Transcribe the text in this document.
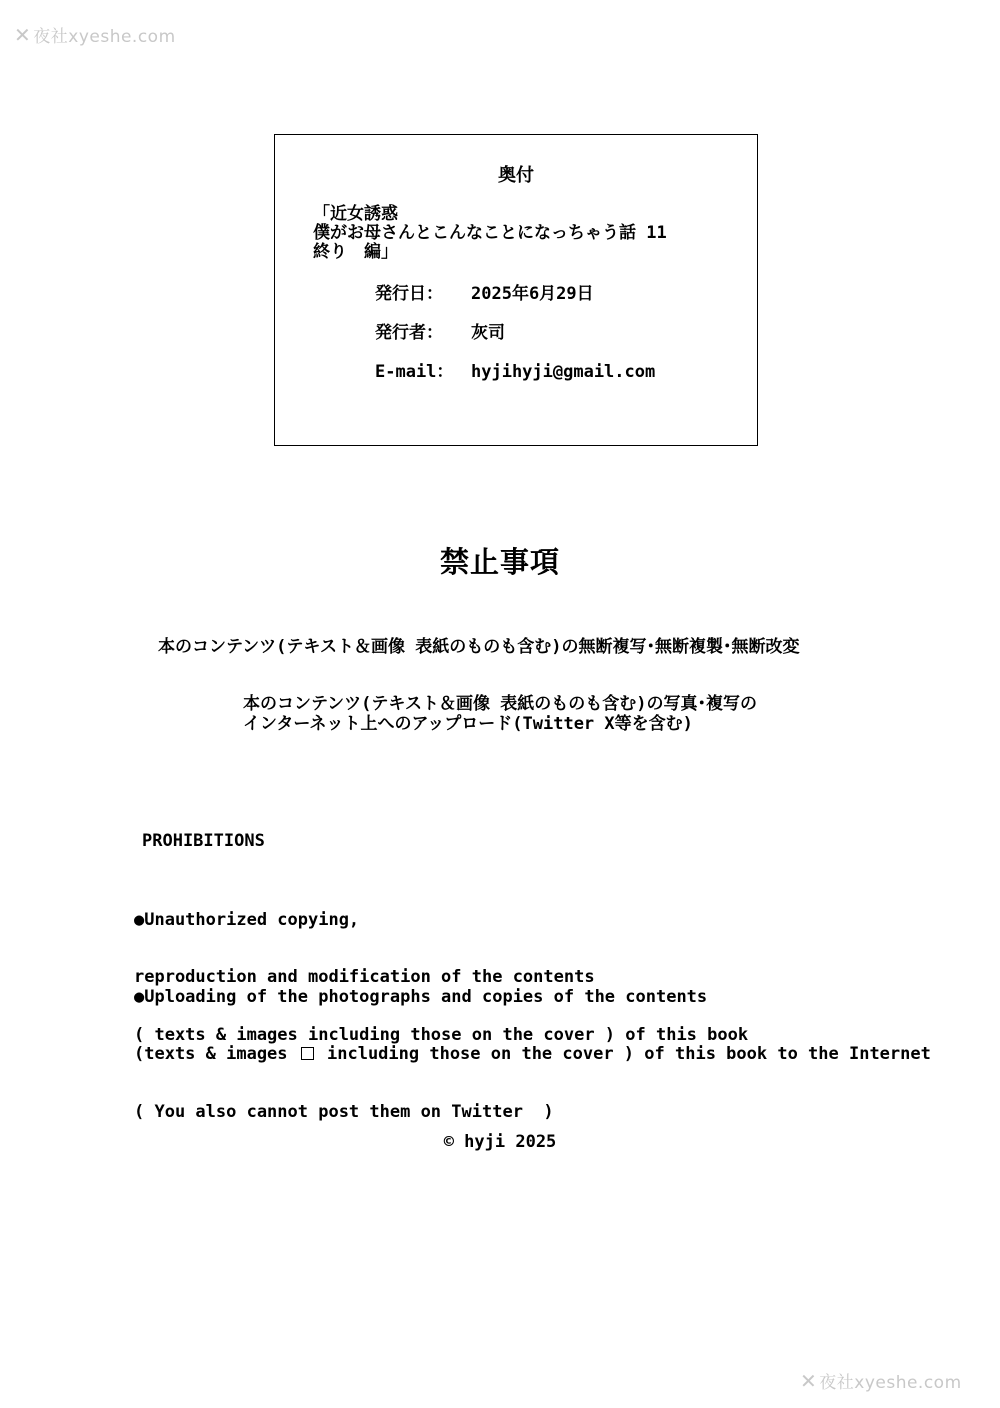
✕ 夜社xyeshe.com
奥付
「近女誘惑
僕がお母さんとこんなことになっちゃう話 11
終り　編」
発行日： 2025年6月29日
発行者： 灰司
E-mail： hyjihyji@gmail.com
禁止事項
本のコンテンツ(テキスト＆画像 表紙のものも含む)の無断複写･無断複製･無断改変
本のコンテンツ(テキスト＆画像 表紙のものも含む)の写真･複写の
インターネット上へのアップロード(Twitter X等を含む)
PROHIBITIONS

●Unauthorized copying,

reproduction and modification of the contents

( texts & images including those on the cover ) of this book

●Uploading of the photographs and copies of the contents

(texts & images  including those on the cover ) of this book to the Internet

( You also cannot post them on Twitter  )

© hyji 2025
✕ 夜社xyeshe.com
